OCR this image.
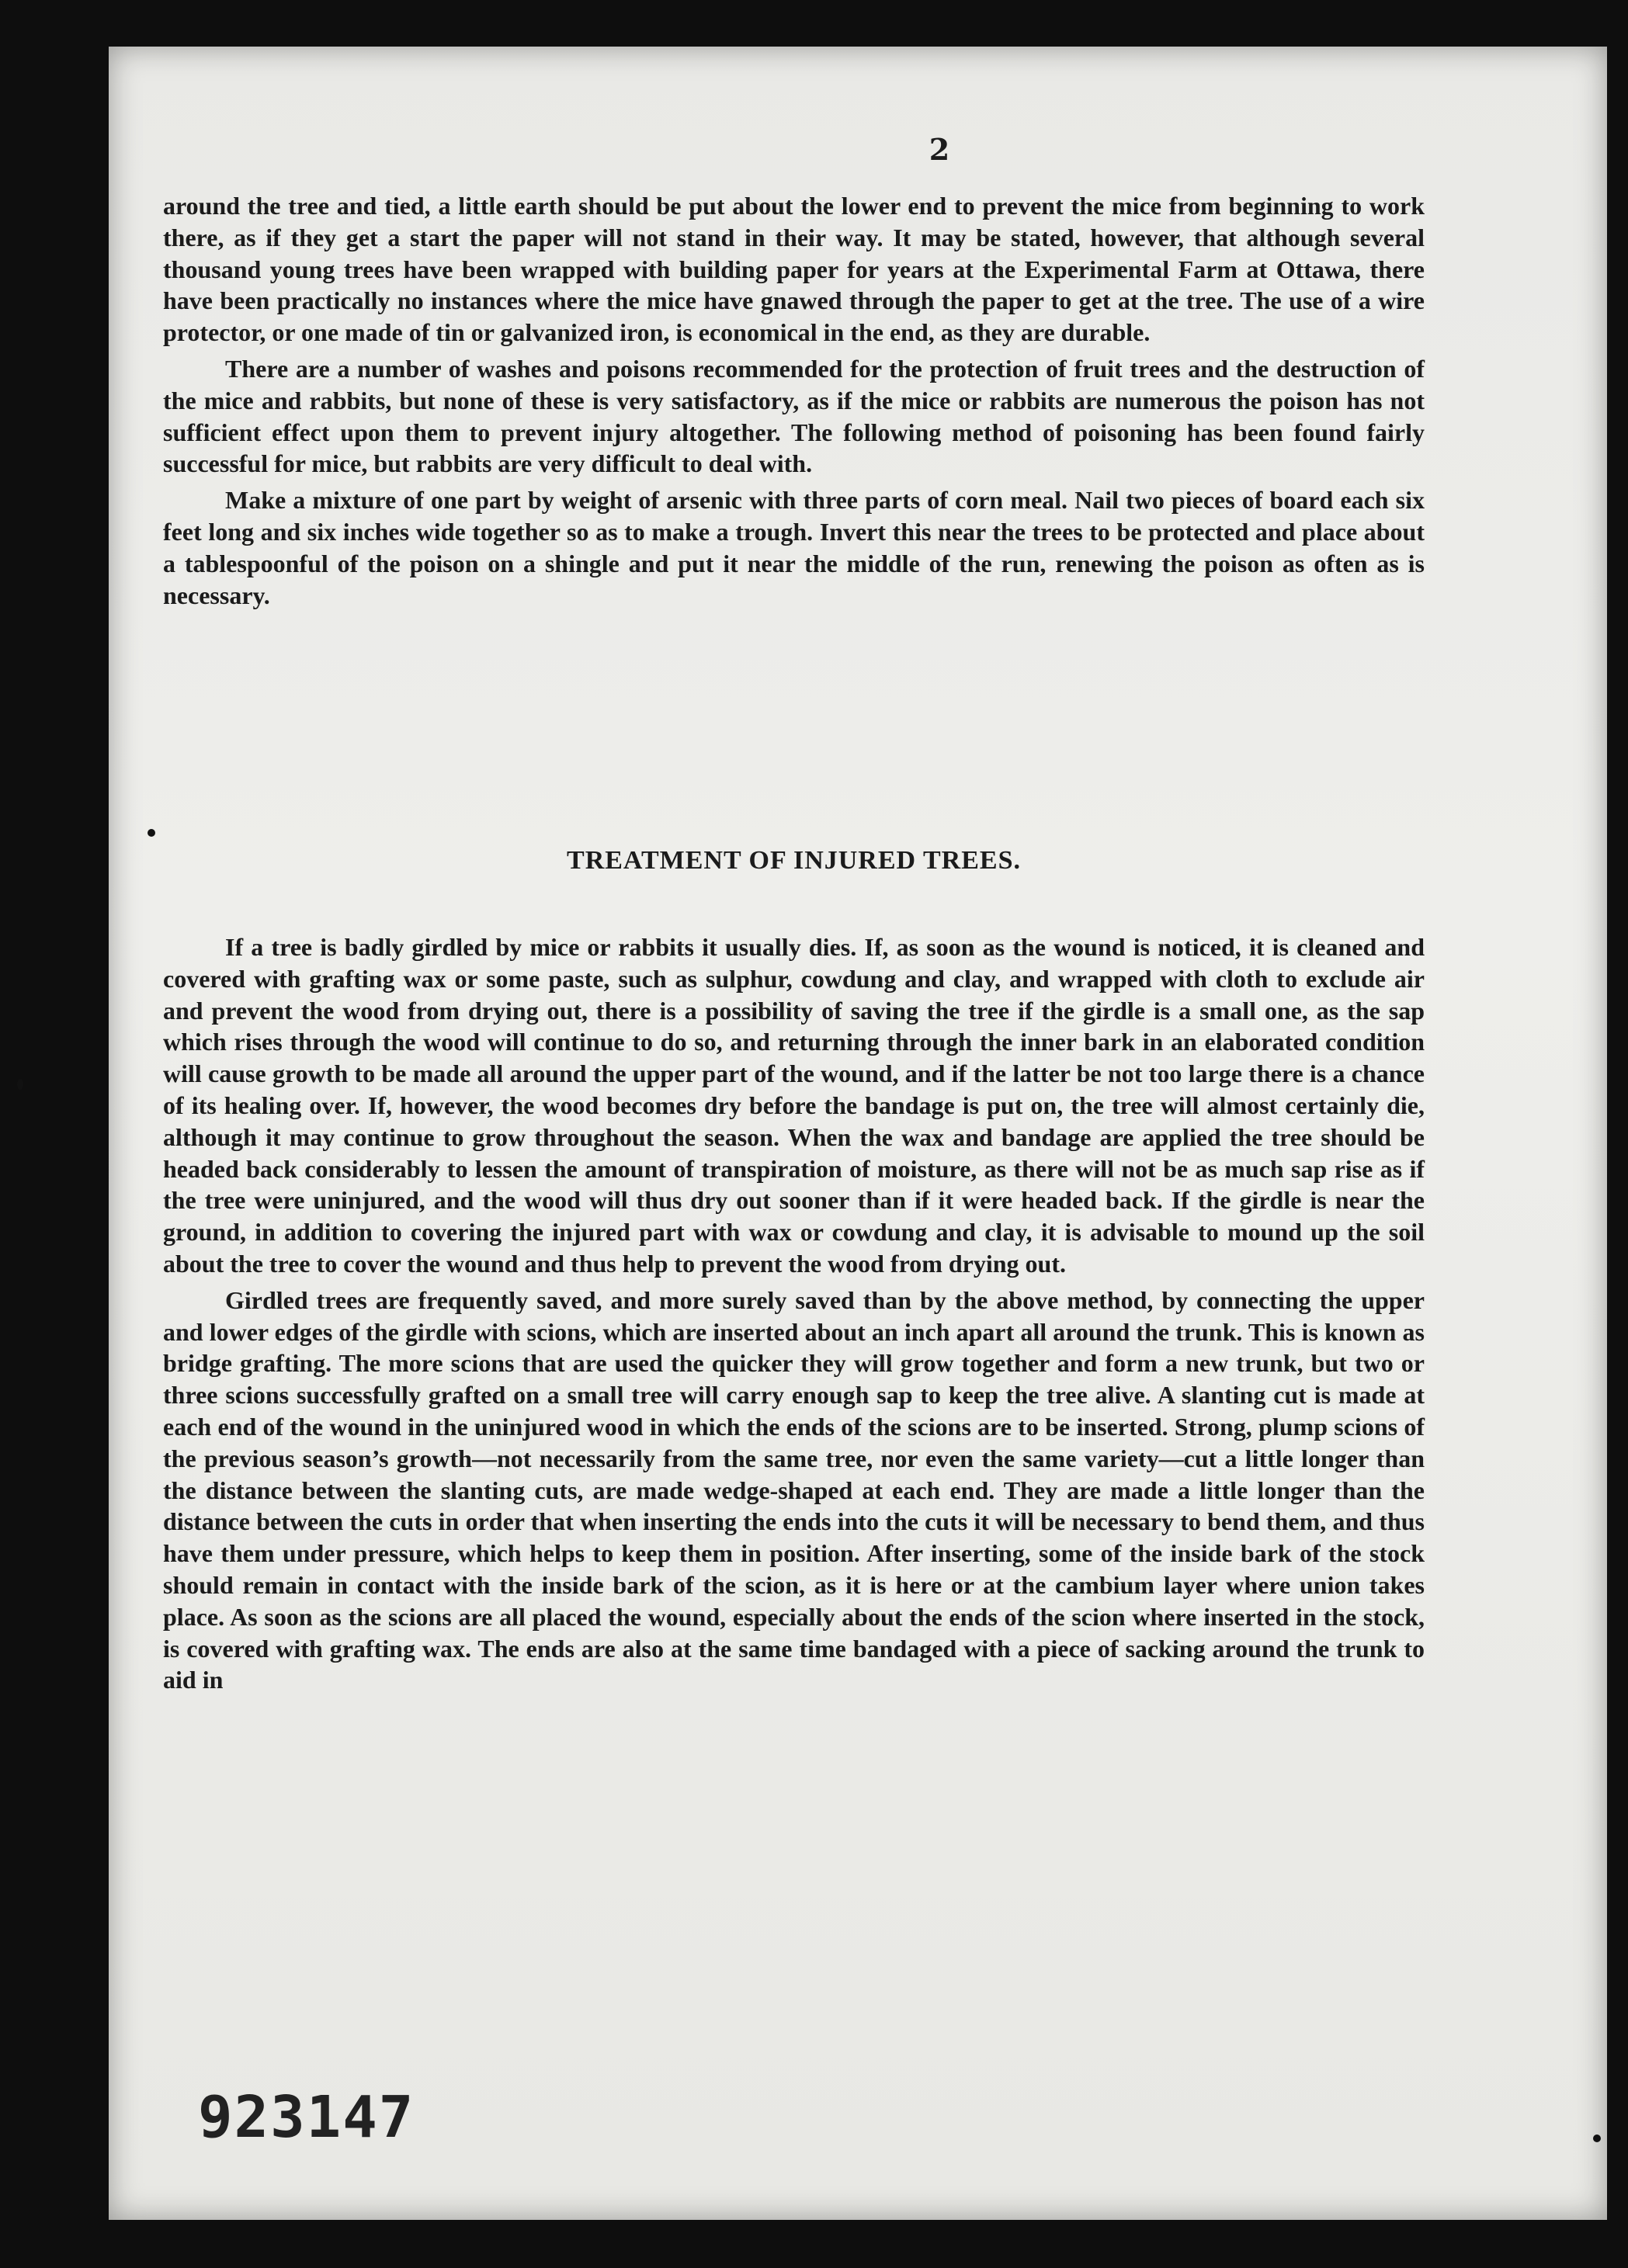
2

around the tree and tied, a little earth should be put about the lower end to prevent the mice from beginning to work there, as if they get a start the paper will not stand in their way. It may be stated, however, that although several thousand young trees have been wrapped with building paper for years at the Experimental Farm at Ottawa, there have been practically no instances where the mice have gnawed through the paper to get at the tree. The use of a wire protector, or one made of tin or galvanized iron, is economical in the end, as they are durable.

There are a number of washes and poisons recommended for the protection of fruit trees and the destruction of the mice and rabbits, but none of these is very satisfactory, as if the mice or rabbits are numerous the poison has not sufficient effect upon them to prevent injury altogether. The following method of poisoning has been found fairly successful for mice, but rabbits are very difficult to deal with.

Make a mixture of one part by weight of arsenic with three parts of corn meal. Nail two pieces of board each six feet long and six inches wide together so as to make a trough. Invert this near the trees to be protected and place about a tablespoonful of the poison on a shingle and put it near the middle of the run, renewing the poison as often as is necessary.

TREATMENT OF INJURED TREES.

If a tree is badly girdled by mice or rabbits it usually dies. If, as soon as the wound is noticed, it is cleaned and covered with grafting wax or some paste, such as sulphur, cowdung and clay, and wrapped with cloth to exclude air and prevent the wood from drying out, there is a possibility of saving the tree if the girdle is a small one, as the sap which rises through the wood will continue to do so, and returning through the inner bark in an elaborated condition will cause growth to be made all around the upper part of the wound, and if the latter be not too large there is a chance of its healing over. If, however, the wood becomes dry before the bandage is put on, the tree will almost certainly die, although it may continue to grow throughout the season. When the wax and bandage are applied the tree should be headed back considerably to lessen the amount of transpiration of moisture, as there will not be as much sap rise as if the tree were uninjured, and the wood will thus dry out sooner than if it were headed back. If the girdle is near the ground, in addition to covering the injured part with wax or cowdung and clay, it is advisable to mound up the soil about the tree to cover the wound and thus help to prevent the wood from drying out.

Girdled trees are frequently saved, and more surely saved than by the above method, by connecting the upper and lower edges of the girdle with scions, which are inserted about an inch apart all around the trunk. This is known as bridge grafting. The more scions that are used the quicker they will grow together and form a new trunk, but two or three scions successfully grafted on a small tree will carry enough sap to keep the tree alive. A slanting cut is made at each end of the wound in the uninjured wood in which the ends of the scions are to be inserted. Strong, plump scions of the previous season’s growth—not necessarily from the same tree, nor even the same variety—cut a little longer than the distance between the slanting cuts, are made wedge-shaped at each end. They are made a little longer than the distance between the cuts in order that when inserting the ends into the cuts it will be necessary to bend them, and thus have them under pressure, which helps to keep them in position. After inserting, some of the inside bark of the stock should remain in contact with the inside bark of the scion, as it is here or at the cambium layer where union takes place. As soon as the scions are all placed the wound, especially about the ends of the scion where inserted in the stock, is covered with grafting wax. The ends are also at the same time bandaged with a piece of sacking around the trunk to aid in

923147
